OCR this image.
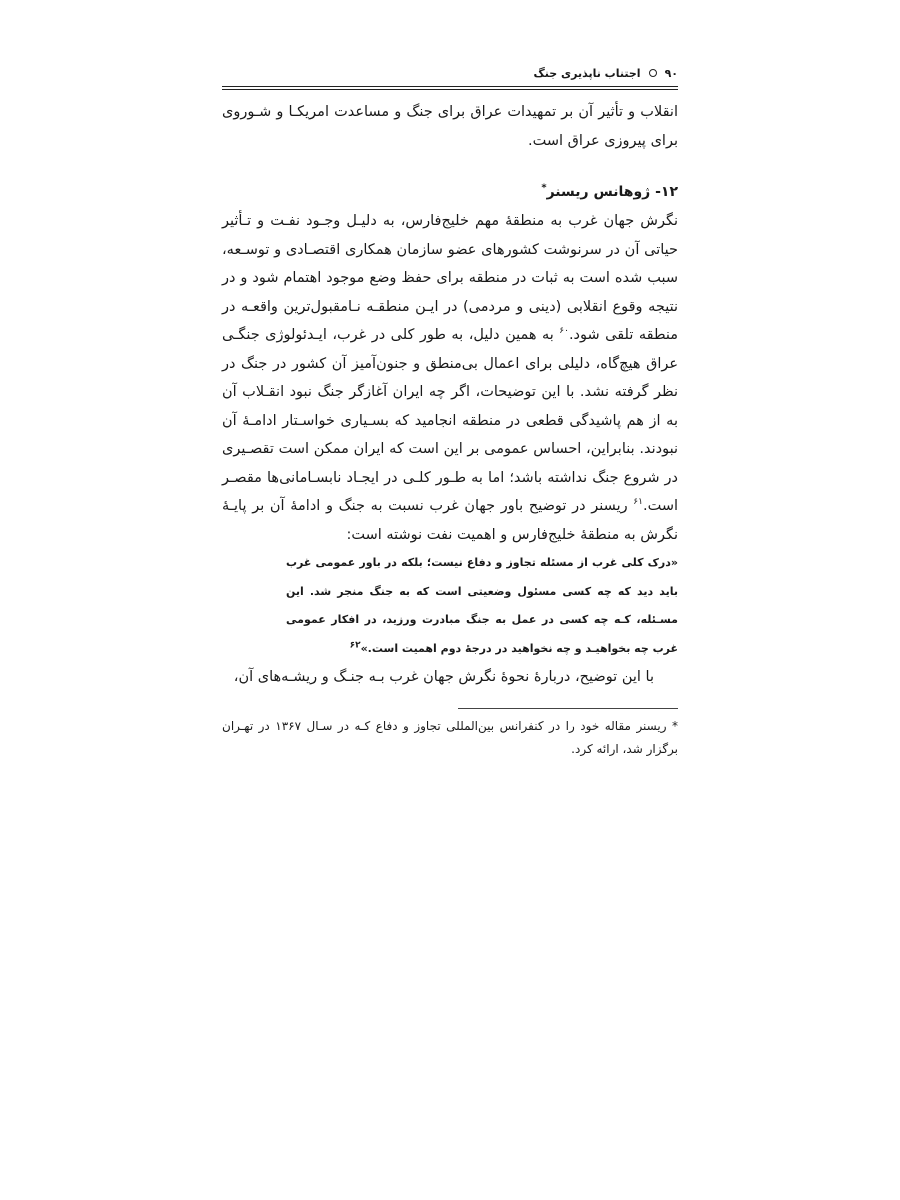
۹۰
اجتناب ناپذیری جنگ

انقلاب و تأثیر آن بر تمهیدات عراق برای جنگ و مساعدت امریکـا و شـوروی برای پیروزی عراق است.

۱۲- ژوهانس ریسنر*

نگرش جهان غرب به منطقهٔ مهم خلیج‌فارس، به دلیـل وجـود نفـت و تـأثیر حیاتی آن در سرنوشت کشورهای عضو سازمان همکاری اقتصـادی و توسـعه، سبب شده است به ثبات در منطقه برای حفظ وضع موجود اهتمام شود و در نتیجه وقوع انقلابی (دینی و مردمی) در ایـن منطقـه نـامقبول‌ترین واقعـه در منطقه تلقی شود.$^{۶۰}$ به همین دلیل، به طور کلی در غرب، ایـدئولوژی جنگـی عراق هیچ‌گاه، دلیلی برای اعمال بی‌منطق و جنون‌آمیز آن کشور در جنگ در نظر گرفته نشد. با این توضیحات، اگر چه ایران آغازگر جنگ نبود انقـلاب آن به از هم پاشیدگی قطعی در منطقه انجامید که بسـیاری خواسـتار ادامـهٔ آن نبودند. بنابراین، احساس عمومی بر این است که ایران ممکن است تقصـیری در شروع جنگ نداشته باشد؛ اما به طـور کلـی در ایجـاد نابسـامانی‌ها مقصـر است.$^{۶۱}$ ریسنر در توضیح باور جهان غرب نسبت به جنگ و ادامهٔ آن بر پایـهٔ نگرش به منطقهٔ خلیج‌فارس و اهمیت نفت نوشته است:

«درک کلی غرب از مسئله تجاوز و دفاع نیست؛ بلکه در باور عمومی غرب باید دید که چه کسی مسئول وضعیتی است که به جنگ منجر شد. این مسـئله، کـه چه کسی در عمل به جنگ مبادرت ورزید، در افکار عمومی غرب چه بخواهیـد و چه نخواهید در درجهٔ دوم اهمیت است.»$^{۶۲}$

با این توضیح، دربارهٔ نحوهٔ نگرش جهان غرب بـه جنـگ و ریشـه‌های آن،

* ریسنر مقاله خود را در کنفرانس بین‌المللی تجاوز و دفاع کـه در سـال ۱۳۶۷ در تهـران برگزار شد، ارائه کرد.
